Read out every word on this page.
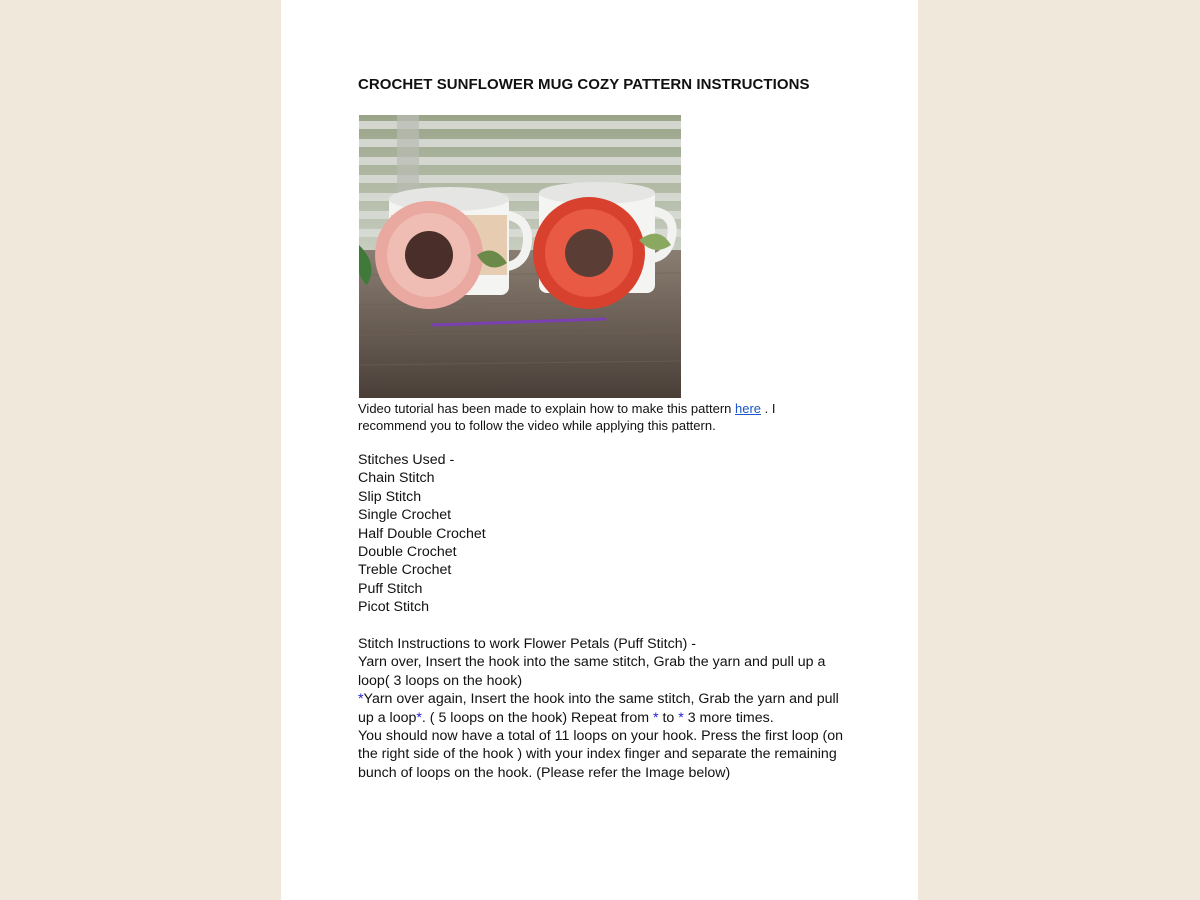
CROCHET SUNFLOWER MUG COZY PATTERN INSTRUCTIONS
Video tutorial has been made to explain how to make this pattern here . I recommend you to follow the video while applying this pattern.
Stitches Used -
Chain Stitch
Slip Stitch
Single Crochet
Half Double Crochet
Double Crochet
Treble Crochet
Puff Stitch
Picot Stitch
Stitch Instructions to work Flower Petals (Puff Stitch) -
Yarn over, Insert the hook into the same stitch, Grab the yarn and pull up a
loop( 3 loops on the hook)
*Yarn over again, Insert the hook into the same stitch, Grab the yarn and pull
up a loop*. ( 5 loops on the hook) Repeat from * to * 3 more times.
You should now have a total of 11 loops on your hook. Press the first loop (on
the right side of the hook ) with your index finger and separate the remaining
bunch of loops on the hook. (Please refer the Image below)
